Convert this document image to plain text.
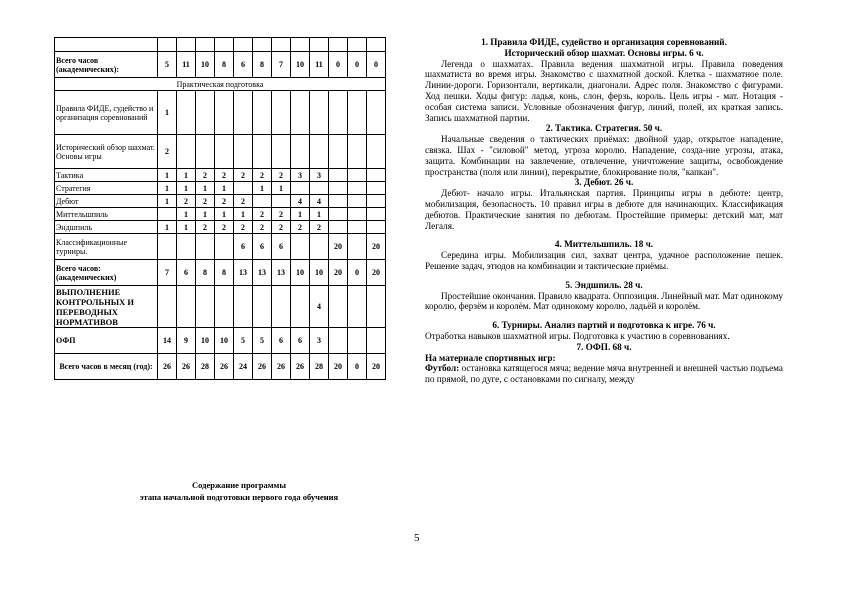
Всего часов (академических):	5	11	10	8	6	8	7	10	11	0	0	0
Практическая подготовка												
Правила ФИДЕ, судейство и организация соревнований	1											
Исторический обзор шахмат. Основы игры	2											
Тактика	1	1	2	2	2	2	2	3	3			
Стратегия	1	1	1	1		1	1					
Дебют	1	2	2	2	2			4	4			
Миттельшпиль		1	1	1	1	2	2	1	1			
Эндшпиль	1	1	2	2	2	2	2	2	2			
Классификационные турниры.					6	6	6			20		20
Всего часов: (академических)	7	6	8	8	13	13	13	10	10	20	0	20
ВЫПОЛНЕНИЕ КОНТРОЛЬНЫХ И ПЕРЕВОДНЫХ НОРМАТИВОВ									4			
ОФП	14	9	10	10	5	5	6	6	3			
Всего часов в месяц (год):	26	26	28	26	24	26	26	26	28	20	0	20
Содержание программы
этапа начальной подготовки первого года обучения
5

1. Правила ФИДЕ, судейство и организация соревнований.

Исторический обзор шахмат. Основы игры. 6 ч.

Легенда о шахматах. Правила ведения шахматной игры. Правила поведения шахматиста во время игры. Знакомство с шахматной доской. Клетка - шахматное поле. Линии-дороги. Горизонтали, вертикали, диагонали. Адрес поля. Знакомство с фигурами. Ход пешки. Ходы фигур: ладья, конь, слон, ферзь, король. Цель игры - мат. Нотация - особая система записи. Условные обозначения фигур, линий, полей, их краткая запись. Запись шахматной партии.

2. Тактика. Стратегия. 50 ч.

Начальные сведения о тактических приёмах: двойной удар, открытое нападение, связка. Шах - "силовой" метод, угроза королю. Нападение, созда-ние угрозы, атака, защита. Комбинации на завлечение, отвлечение, уничтожение защиты, освобождение пространства (поля или линии), перекрытие, блокирование поля, "капкан".

3. Дебют. 26 ч.

Дебют- начало игры. Итальянская партия. Принципы игры в дебюте: центр, мобилизация, безопасность. 10 правил игры в дебюте для начинающих. Классификация дебютов. Практические занятия по дебютам. Простейшие примеры: детский мат, мат Легаля.

4. Миттельшпиль. 18 ч.

Середина игры. Мобилизация сил, захват центра, удачное расположение пешек. Решение задач, этюдов на комбинации и тактические приёмы.

5. Эндшпиль. 28 ч.

Простейшие окончания. Правило квадрата. Оппозиция. Линейный мат. Мат одинокому королю, ферзём и королём. Мат одинокому королю, ладьёй и королём.

6. Турниры. Анализ партий и подготовка к игре. 76 ч.

Отработка навыков шахматной игры. Подготовка к участию в соревнованиях.

7. ОФП. 68 ч.

На материале спортивных игр:

Футбол: остановка катящегося мяча; ведение мяча внутренней и внешней частью подъема по прямой, по дуге, с остановками по сигналу, между
